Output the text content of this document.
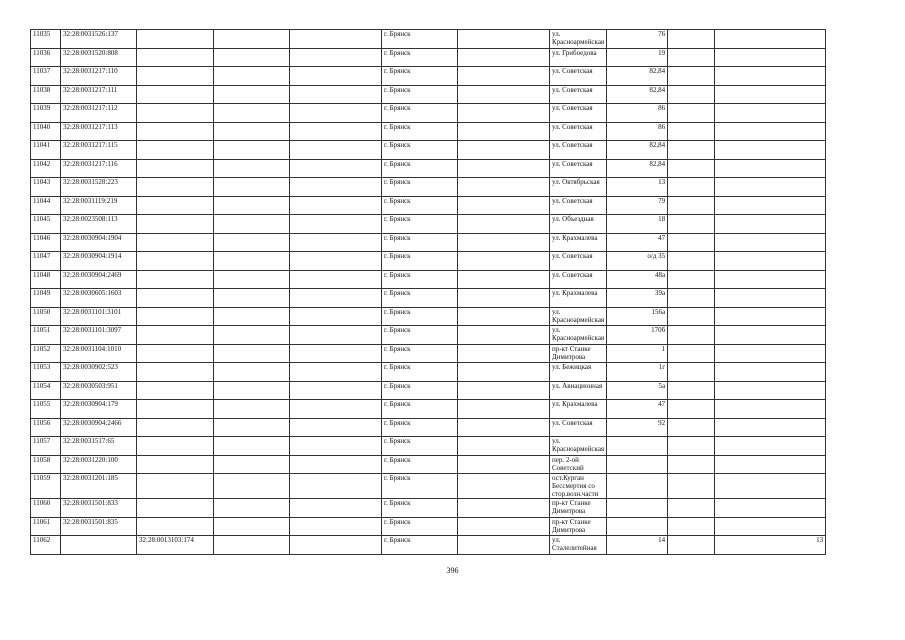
11035	32:28:0031526:137				г. Брянск		ул. Красноармейская	76		
11036	32:28:0031520:808				г. Брянск		ул. Грибоедова	19		
11037	32:28:0031217:110				г. Брянск		ул. Советская	82,84		
11038	32:28:0031217:111				г. Брянск		ул. Советская	82,84		
11039	32:28:0031217:112				г. Брянск		ул. Советская	86		
11040	32:28:0031217:113				г. Брянск		ул. Советская	86		
11041	32:28:0031217:115				г. Брянск		ул. Советская	82,84		
11042	32:28:0031217:116				г. Брянск		ул. Советская	82,84		
11043	32:28:0031528:223				г. Брянск		ул. Октябрьская	13		
11044	32:28:0031119:219				г. Брянск		ул. Советская	79		
11045	32:28:0023508:113				г. Брянск		ул. Объездная	18		
11046	32:28:0030904:1904				г. Брянск		ул. Крахмалева	47		
11047	32:28:0030904:1914				г. Брянск		ул. Советская	о/д 35		
11048	32:28:0030904:2469				г. Брянск		ул. Советская	48а		
11049	32:28:0030605:1603				г. Брянск		ул. Крахмалева	39а		
11050	32:28:0031101:3101				г. Брянск		ул. Красноармейская	156а		
11051	32:28:0031101:3097				г. Брянск		ул. Красноармейская	170б		
11052	32:28:0031104:1010				г. Брянск		пр-кт Станке Димитрова	1		
11053	32:28:0030902:523				г. Брянск		ул. Бежицкая	1г		
11054	32:28:0030503:951				г. Брянск		ул. Авиационная	5а		
11055	32:28:0030904:179				г. Брянск		ул. Крахмалева	47		
11056	32:28:0030904:2466				г. Брянск		ул. Советская	92		
11057	32:28:0031517:65				г. Брянск		ул. Красноармейская			
11058	32:28:0031220:100				г. Брянск		пер. 2-ой Советский			
11059	32:28:0031201:185				г. Брянск		ост.Курган Бессмертия со стор.возн.части			
11060	32:28:0031501:833				г. Брянск		пр-кт Станке Димитрова			
11061	32:28:0031501:835				г. Брянск		пр-кт Станке Димитрова			
11062		32:28:0013103:174			г. Брянск		ул. Сталелитейная	14		13
396
